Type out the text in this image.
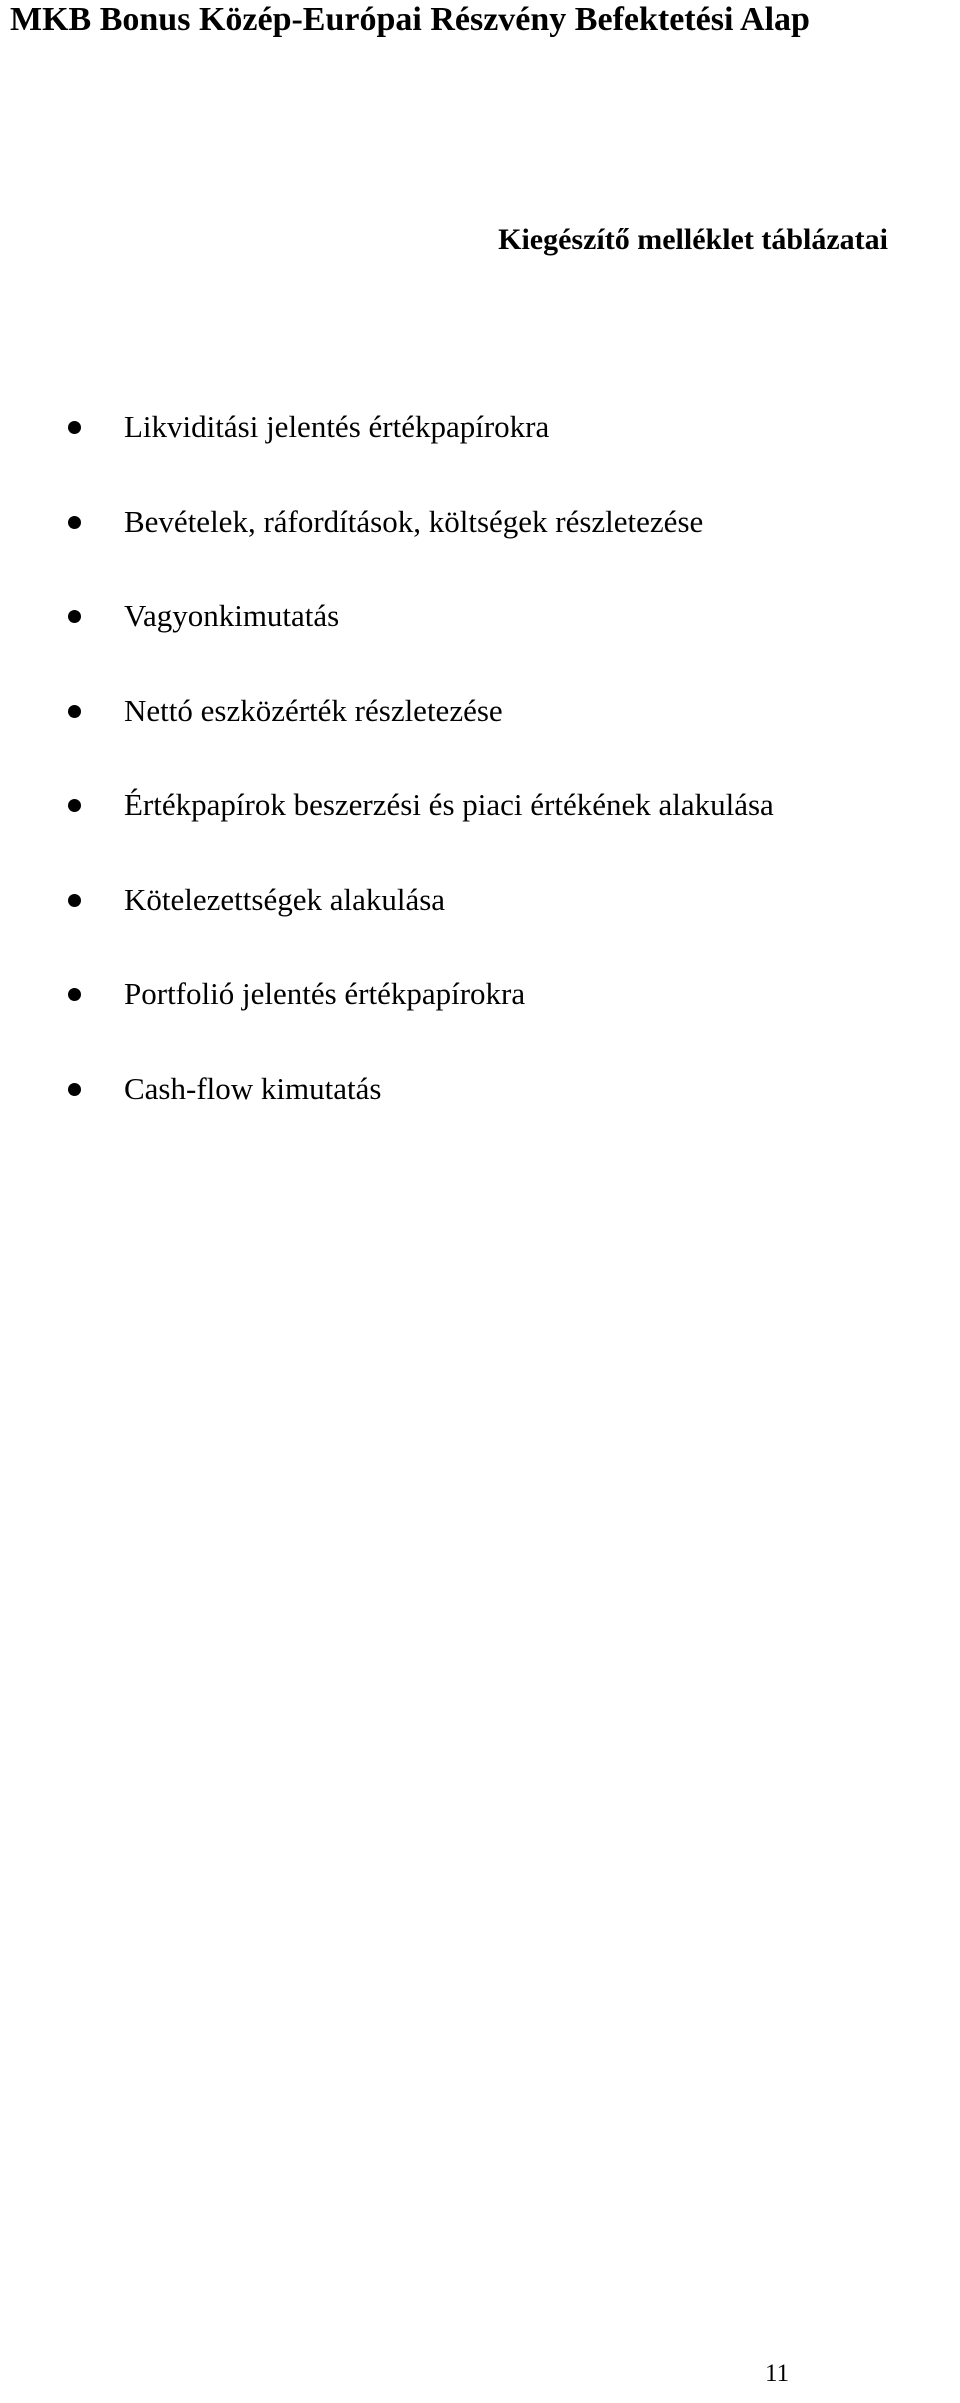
MKB Bonus Közép-Európai Részvény Befektetési Alap
Kiegészítő melléklet táblázatai
Likviditási jelentés értékpapírokra
Bevételek, ráfordítások, költségek részletezése
Vagyonkimutatás
Nettó eszközérték részletezése
Értékpapírok beszerzési és piaci értékének alakulása
Kötelezettségek alakulása
Portfolió jelentés értékpapírokra
Cash-flow kimutatás
11
